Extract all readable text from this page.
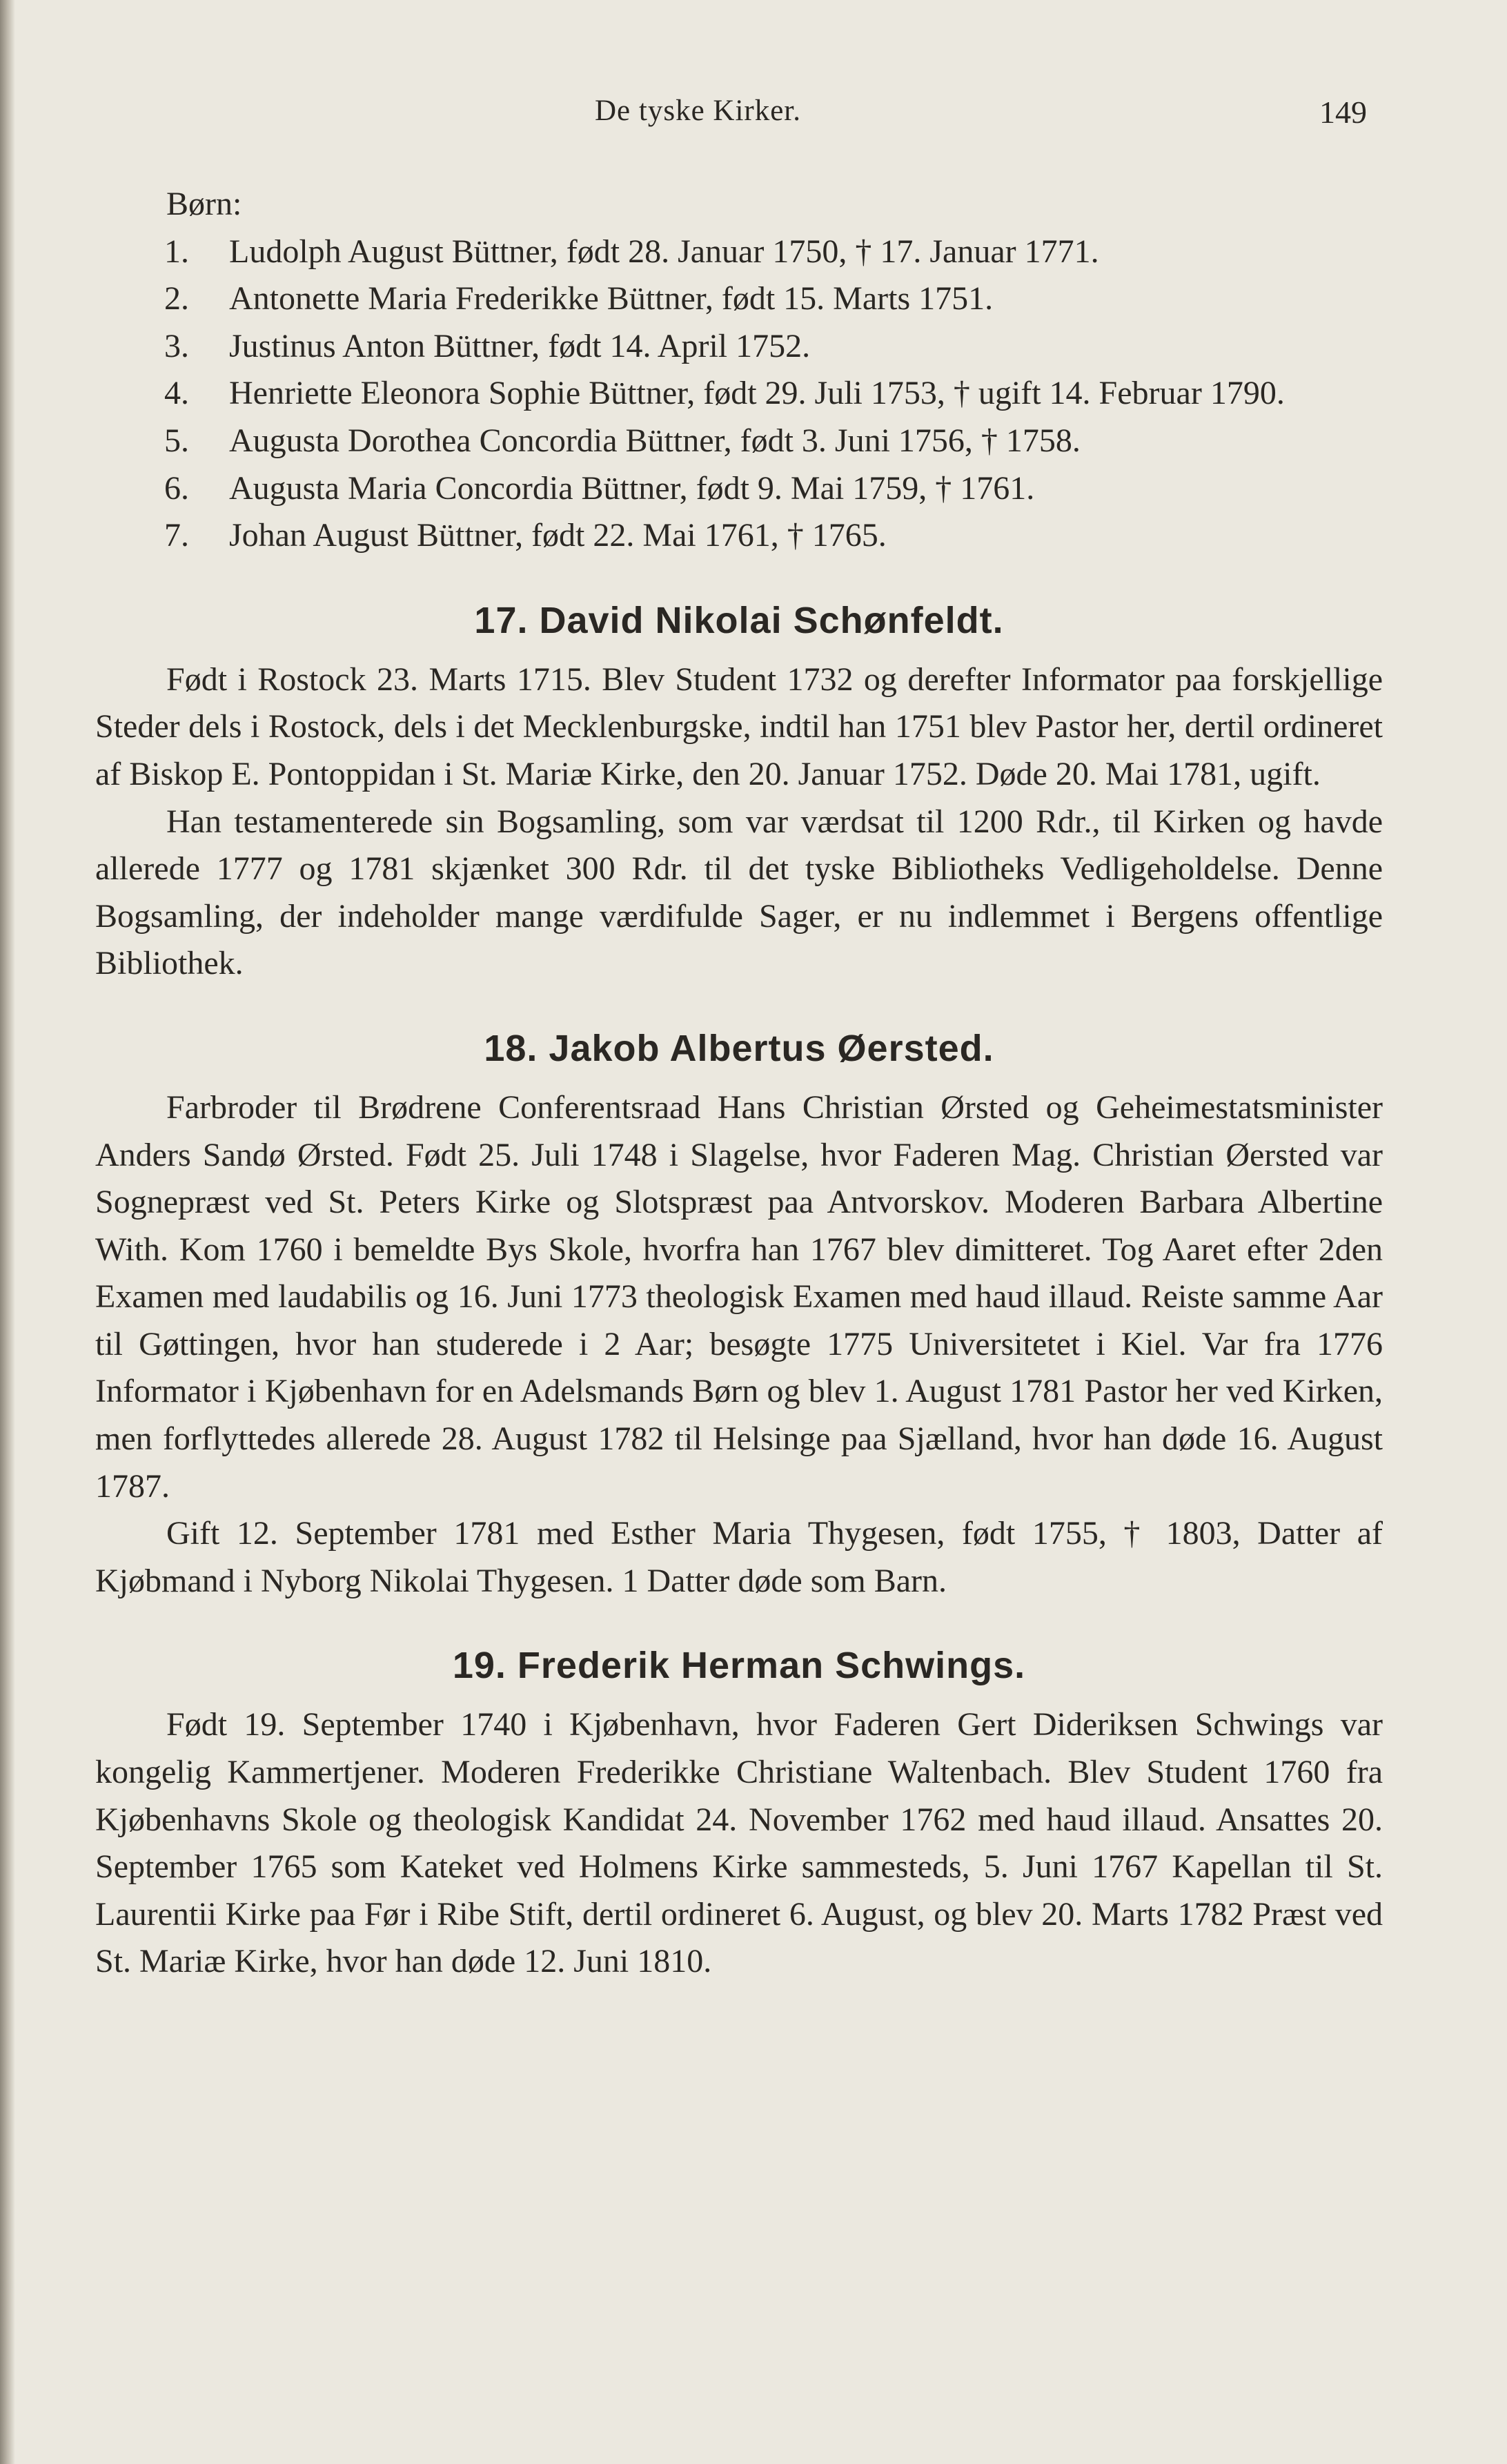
De tyske Kirker.	149

Børn:

1. Ludolph August Büttner, født 28. Januar 1750, † 17. Januar 1771.
2. Antonette Maria Frederikke Büttner, født 15. Marts 1751.
3. Justinus Anton Büttner, født 14. April 1752.
4. Henriette Eleonora Sophie Büttner, født 29. Juli 1753, † ugift 14. Februar 1790.
5. Augusta Dorothea Concordia Büttner, født 3. Juni 1756, † 1758.
6. Augusta Maria Concordia Büttner, født 9. Mai 1759, † 1761.
7. Johan August Büttner, født 22. Mai 1761, † 1765.
17. David Nikolai Schønfeldt.

Født i Rostock 23. Marts 1715. Blev Student 1732 og derefter Informator paa forskjellige Steder dels i Rostock, dels i det Mecklenburgske, indtil han 1751 blev Pastor her, dertil ordineret af Biskop E. Pontoppidan i St. Mariæ Kirke, den 20. Januar 1752. Døde 20. Mai 1781, ugift.

Han testamenterede sin Bogsamling, som var værdsat til 1200 Rdr., til Kirken og havde allerede 1777 og 1781 skjænket 300 Rdr. til det tyske Bibliotheks Vedligeholdelse. Denne Bogsamling, der indeholder mange værdifulde Sager, er nu indlemmet i Bergens offentlige Bibliothek.

18. Jakob Albertus Øersted.

Farbroder til Brødrene Conferentsraad Hans Christian Ørsted og Geheimestatsminister Anders Sandø Ørsted. Født 25. Juli 1748 i Slagelse, hvor Faderen Mag. Christian Øersted var Sognepræst ved St. Peters Kirke og Slotspræst paa Antvorskov. Moderen Barbara Albertine With. Kom 1760 i bemeldte Bys Skole, hvorfra han 1767 blev dimitteret. Tog Aaret efter 2den Examen med laudabilis og 16. Juni 1773 theologisk Examen med haud illaud. Reiste samme Aar til Gøttingen, hvor han studerede i 2 Aar; besøgte 1775 Universitetet i Kiel. Var fra 1776 Informator i Kjøbenhavn for en Adelsmands Børn og blev 1. August 1781 Pastor her ved Kirken, men forflyttedes allerede 28. August 1782 til Helsinge paa Sjælland, hvor han døde 16. August 1787.

Gift 12. September 1781 med Esther Maria Thygesen, født 1755, † 1803, Datter af Kjøbmand i Nyborg Nikolai Thygesen. 1 Datter døde som Barn.

19. Frederik Herman Schwings.

Født 19. September 1740 i Kjøbenhavn, hvor Faderen Gert Dideriksen Schwings var kongelig Kammertjener. Moderen Frederikke Christiane Waltenbach. Blev Student 1760 fra Kjøbenhavns Skole og theologisk Kandidat 24. November 1762 med haud illaud. Ansattes 20. September 1765 som Kateket ved Holmens Kirke sammesteds, 5. Juni 1767 Kapellan til St. Laurentii Kirke paa Før i Ribe Stift, dertil ordineret 6. August, og blev 20. Marts 1782 Præst ved St. Mariæ Kirke, hvor han døde 12. Juni 1810.
